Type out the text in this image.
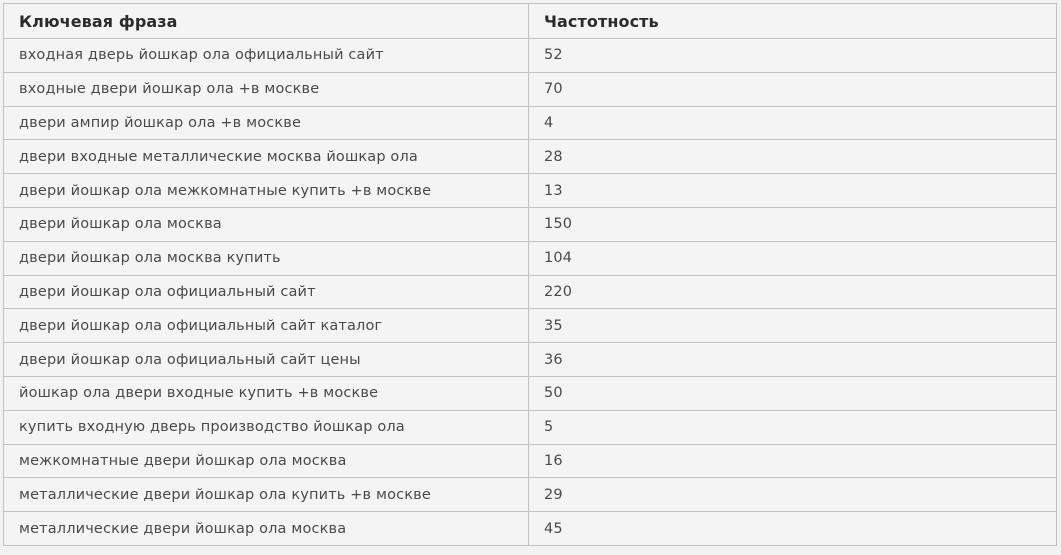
Ключевая фраза	Частотность
входная дверь йошкар ола официальный сайт	52
входные двери йошкар ола +в москве	70
двери ампир йошкар ола +в москве	4
двери входные металлические москва йошкар ола	28
двери йошкар ола межкомнатные купить +в москве	13
двери йошкар ола москва	150
двери йошкар ола москва купить	104
двери йошкар ола официальный сайт	220
двери йошкар ола официальный сайт каталог	35
двери йошкар ола официальный сайт цены	36
йошкар ола двери входные купить +в москве	50
купить входную дверь производство йошкар ола	5
межкомнатные двери йошкар ола москва	16
металлические двери йошкар ола купить +в москве	29
металлические двери йошкар ола москва	45
